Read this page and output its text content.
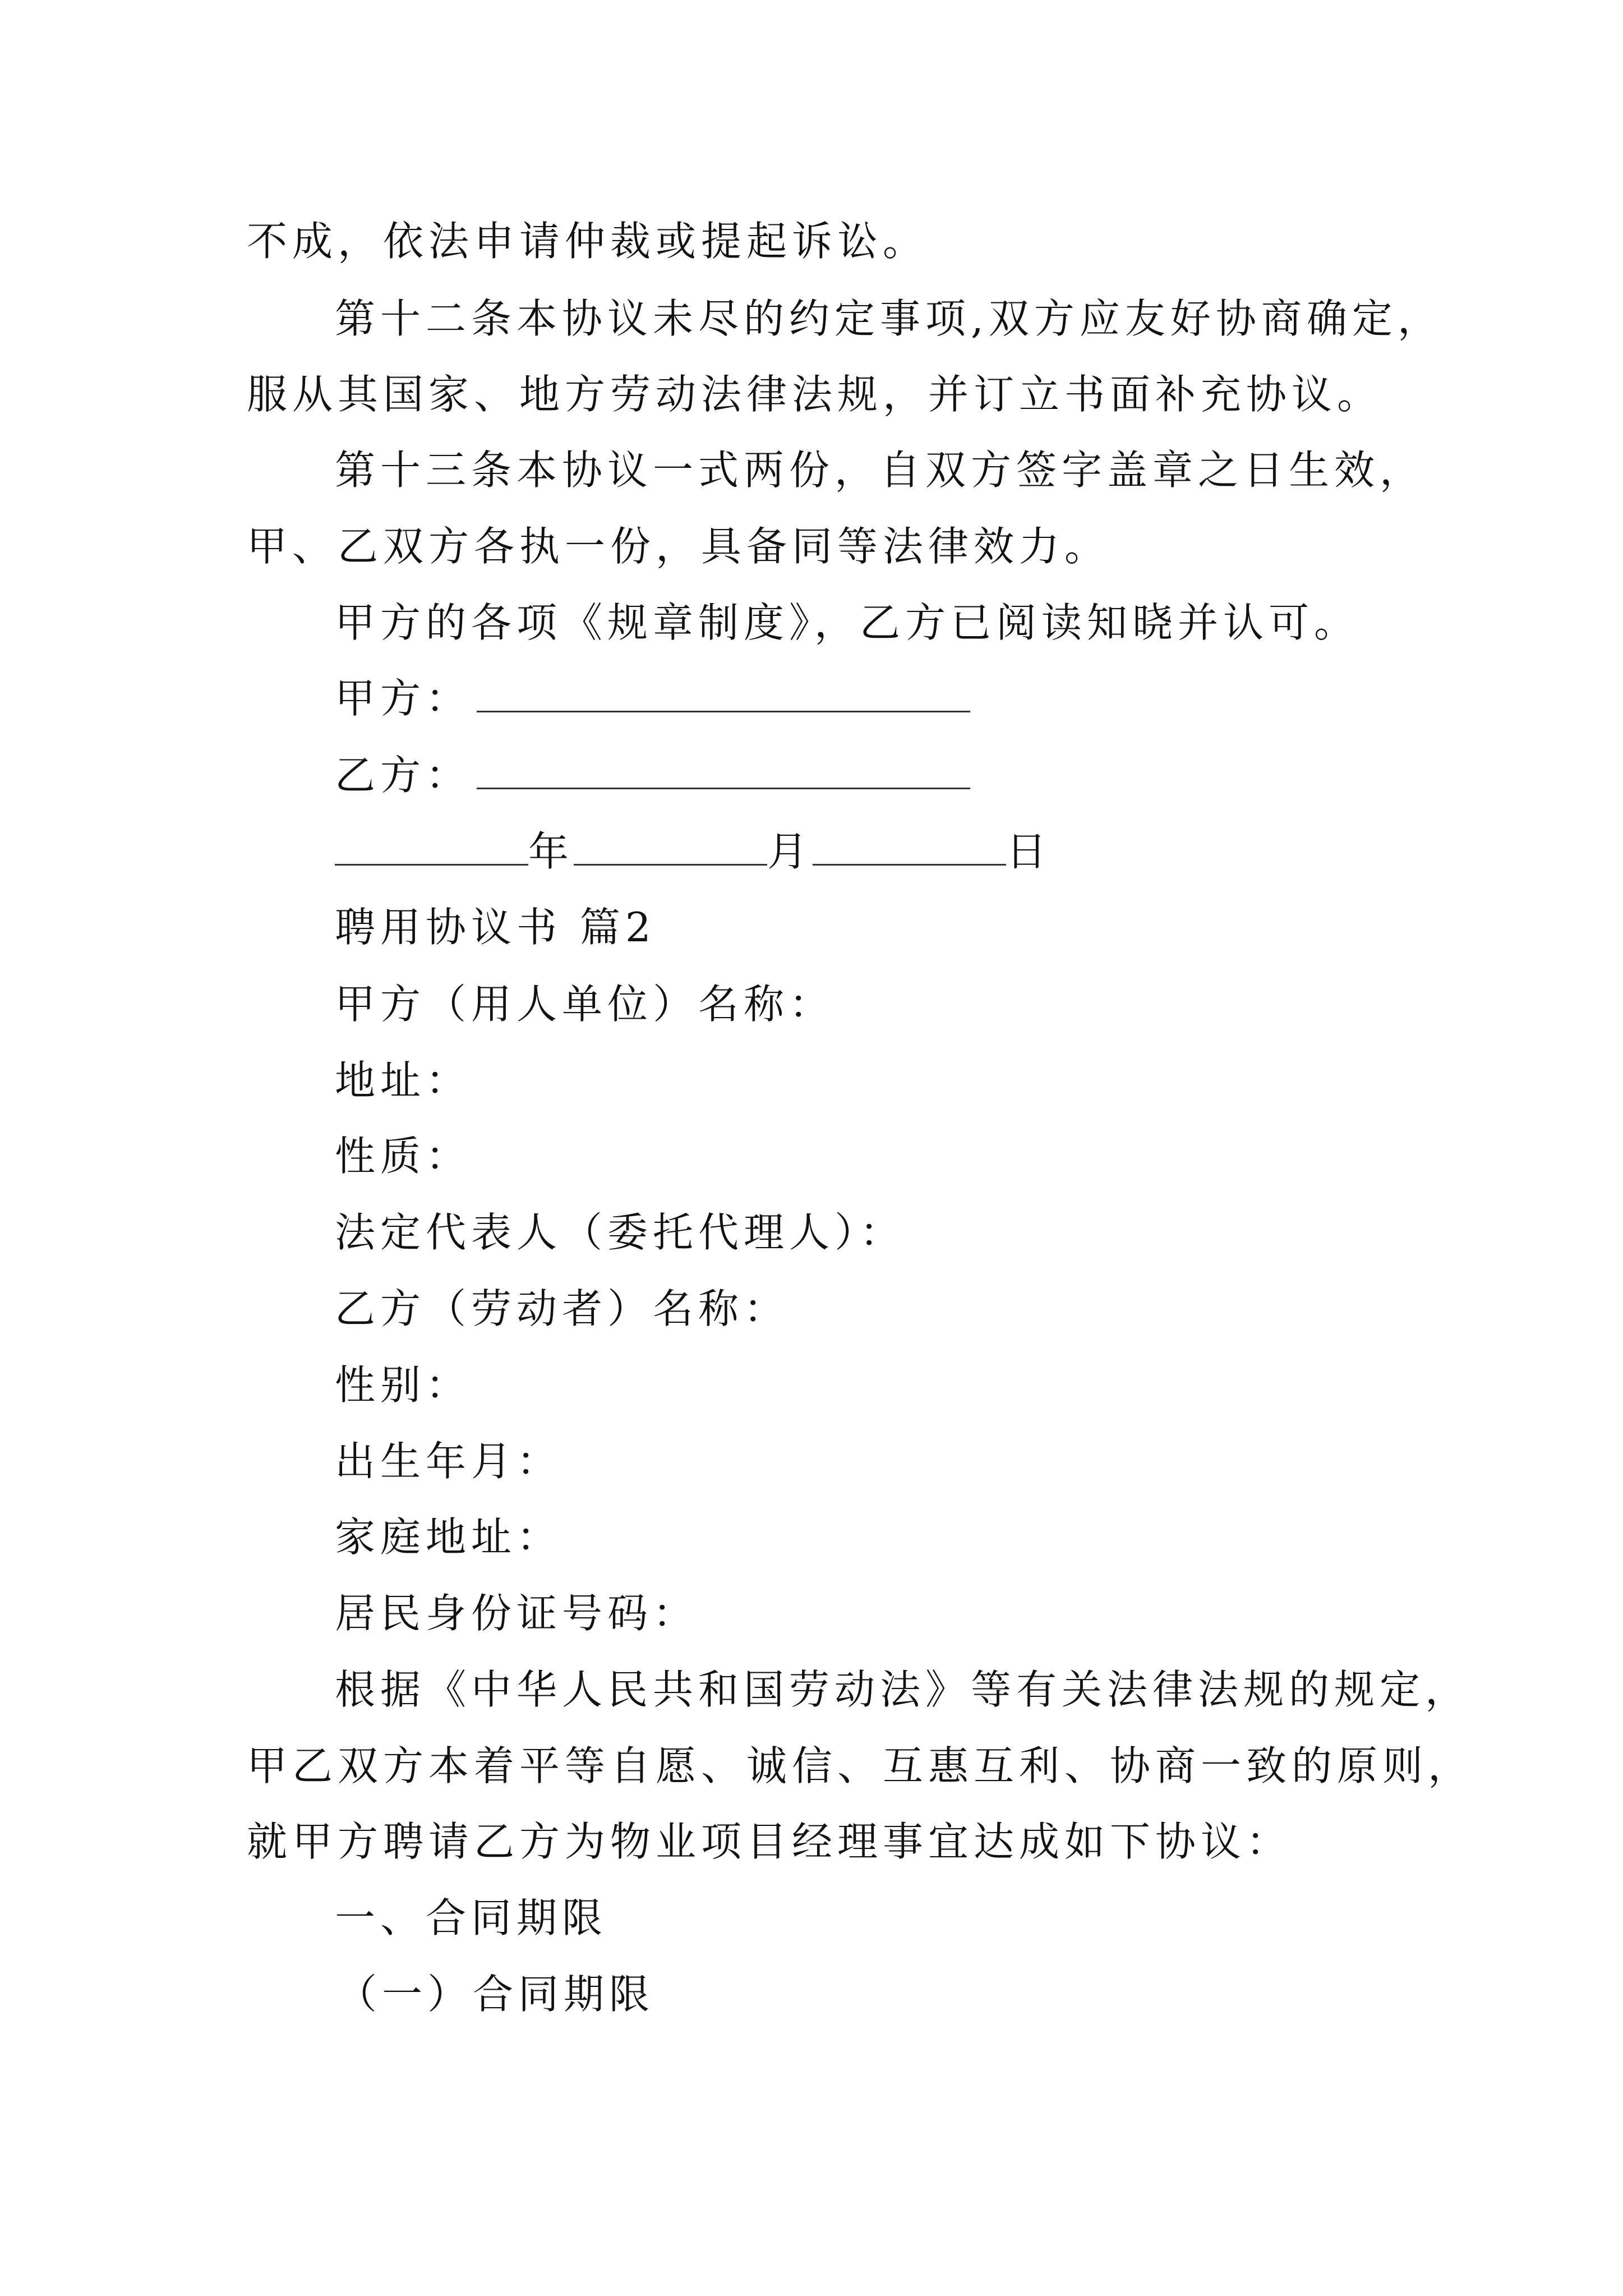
不成，依法申请仲裁或提起诉讼。
第十二条本协议未尽的约定事项,双方应友好协商确定，
服从其国家、地方劳动法律法规，并订立书面补充协议。
第十三条本协议一式两份，自双方签字盖章之日生效，
甲、乙双方各执一份，具备同等法律效力。
甲方的各项《规章制度》，乙方已阅读知晓并认可。
甲方：
乙方：
年	月	日
聘用协议书 篇2
甲方（用人单位）名称：
地址：
性质：
法定代表人（委托代理人）：
乙方（劳动者）名称：
性别：
出生年月：
家庭地址：
居民身份证号码：
根据《中华人民共和国劳动法》等有关法律法规的规定，
甲乙双方本着平等自愿、诚信、互惠互利、协商一致的原则，
就甲方聘请乙方为物业项目经理事宜达成如下协议：
一、合同期限
（一）合同期限
